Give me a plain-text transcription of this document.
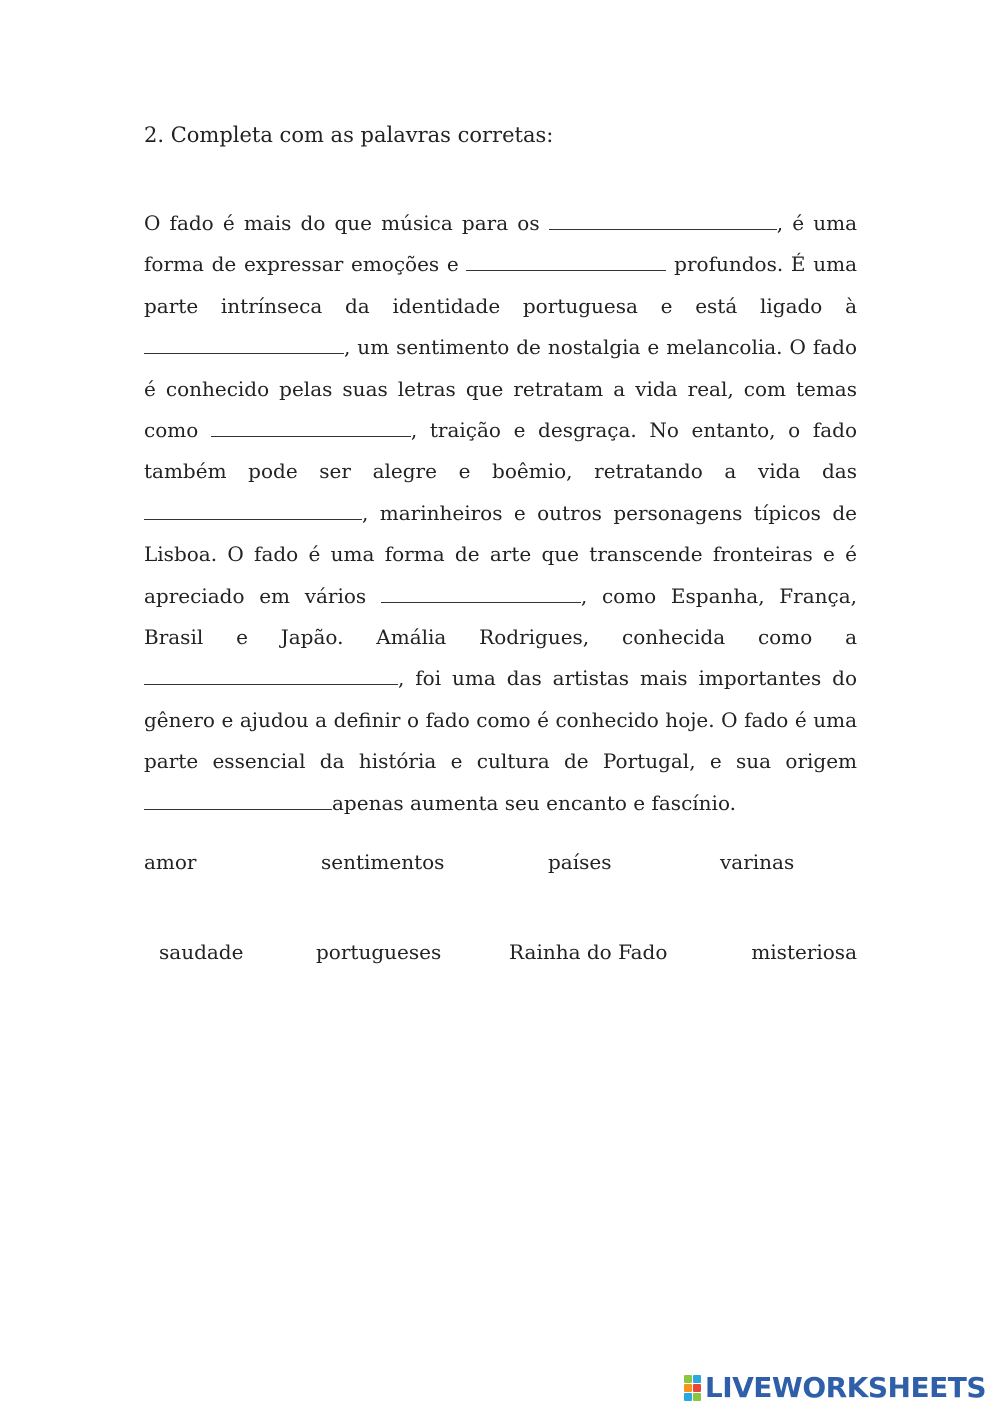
2. Completa com as palavras corretas:

O fado é mais do que música para os	, é uma forma de expressar emoções e	profundos. É uma parte intrínseca da identidade portuguesa e está ligado à , um sentimento de nostalgia e melancolia. O fado é conhecido pelas suas letras que retratam a vida real, com temas como	, traição e desgraça. No entanto, o fado também pode ser alegre e boêmio, retratando a vida das , marinheiros e outros personagens típicos de Lisboa. O fado é uma forma de arte que transcende fronteiras e é apreciado em vários	, como Espanha, França, Brasil e Japão. Amália Rodrigues, conhecida como a , foi uma das artistas mais importantes do gênero e ajudou a definir o fado como é conhecido hoje. O fado é uma parte essencial da história e cultura de Portugal, e sua origem apenas aumenta seu encanto e fascínio.

amor	sentimentos	países	varinas
saudade	portugueses	Rainha do Fado	misteriosa
LIVEWORKSHEETS
